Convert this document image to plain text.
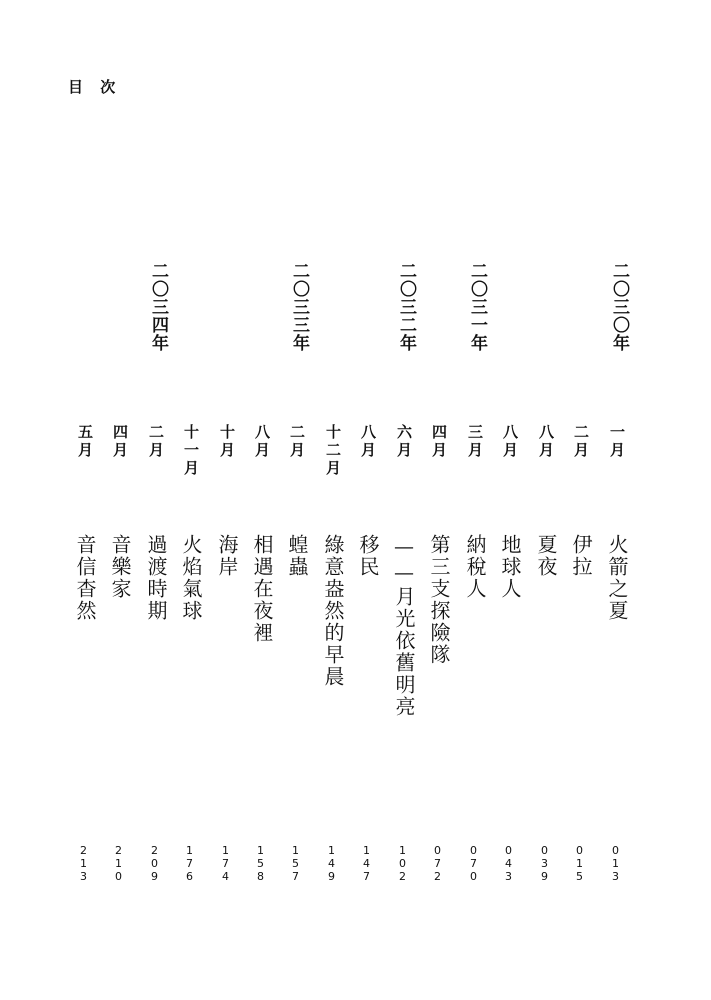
目 次
二〇三〇年
二〇三一年
二〇三二年
二〇三三年
二〇三四年
一月
火箭之夏
013
二月
伊拉
015
八月
夏夜
039
八月
地球人
043
三月
納稅人
070
四月
第三支探險隊
072
六月
——月光依舊明亮
102
八月
移民
147
十二月
綠意盎然的早晨
149
二月
蝗蟲
157
八月
相遇在夜裡
158
十月
海岸
174
十一月
火焰氣球
176
二月
過渡時期
209
四月
音樂家
210
五月
音信杳然
213
